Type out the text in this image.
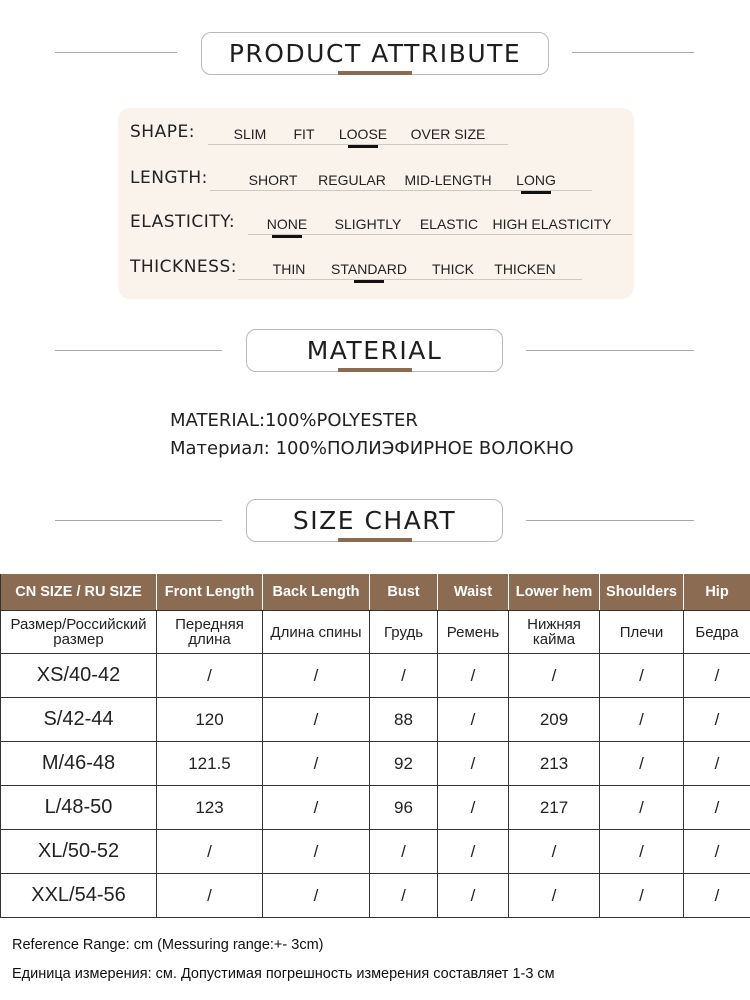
PRODUCT ATTRIBUTE
SHAPE:	SLIM FIT LOOSE OVER SIZE
LENGTH:	SHORT REGULAR MID-LENGTH LONG
ELASTICITY: NONE SLIGHTLY ELASTIC HIGH ELASTICITY
THICKNESS:	THIN STANDARD THICK THICKEN
MATERIAL
MATERIAL:100%POLYESTER
Материал: 100%ПОЛИЭФИРНОЕ ВОЛОКНО
SIZE CHART
CN SIZE / RU SIZE	Front Length	Back Length	Bust	Waist	Lower hem	Shoulders	Hip
Размер/Российский размер	Передняя длина	Длина спины	Грудь	Ремень	Нижняя кайма	Плечи	Бедра
XS/40-42	/	/	/	/	/	/	/
S/42-44	120	/	88	/	209	/	/
M/46-48	121.5	/	92	/	213	/	/
L/48-50	123	/	96	/	217	/	/
XL/50-52	/	/	/	/	/	/	/
XXL/54-56	/	/	/	/	/	/	/
Reference Range: cm (Messuring range:+- 3cm)
Единица измерения: см. Допустимая погрешность измерения составляет 1-3 см
